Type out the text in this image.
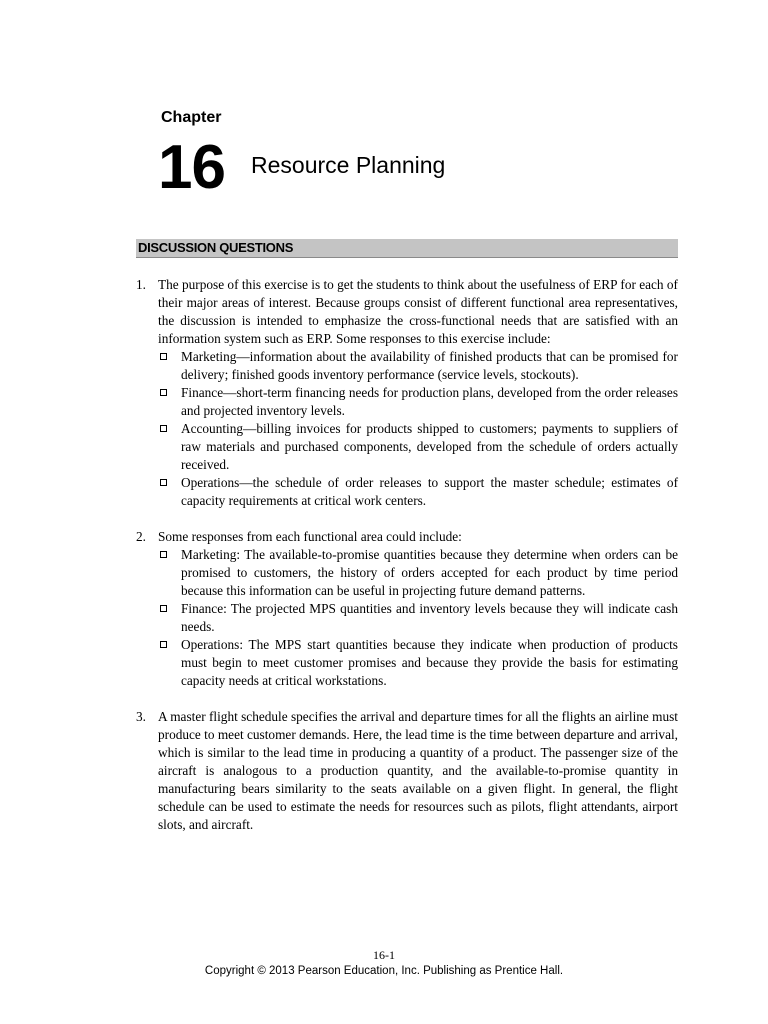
Chapter
16 Resource Planning
DISCUSSION QUESTIONS
1. The purpose of this exercise is to get the students to think about the usefulness of ERP for each of their major areas of interest. Because groups consist of different functional area representatives, the discussion is intended to emphasize the cross-functional needs that are satisfied with an information system such as ERP. Some responses to this exercise include:
Marketing—information about the availability of finished products that can be promised for delivery; finished goods inventory performance (service levels, stockouts).
Finance—short-term financing needs for production plans, developed from the order releases and projected inventory levels.
Accounting—billing invoices for products shipped to customers; payments to suppliers of raw materials and purchased components, developed from the schedule of orders actually received.
Operations—the schedule of order releases to support the master schedule; estimates of capacity requirements at critical work centers.
2. Some responses from each functional area could include:
Marketing: The available-to-promise quantities because they determine when orders can be promised to customers, the history of orders accepted for each product by time period because this information can be useful in projecting future demand patterns.
Finance: The projected MPS quantities and inventory levels because they will indicate cash needs.
Operations: The MPS start quantities because they indicate when production of products must begin to meet customer promises and because they provide the basis for estimating capacity needs at critical workstations.
3. A master flight schedule specifies the arrival and departure times for all the flights an airline must produce to meet customer demands. Here, the lead time is the time between departure and arrival, which is similar to the lead time in producing a quantity of a product. The passenger size of the aircraft is analogous to a production quantity, and the available-to-promise quantity in manufacturing bears similarity to the seats available on a given flight. In general, the flight schedule can be used to estimate the needs for resources such as pilots, flight attendants, airport slots, and aircraft.
16-1
Copyright © 2013 Pearson Education, Inc. Publishing as Prentice Hall.
